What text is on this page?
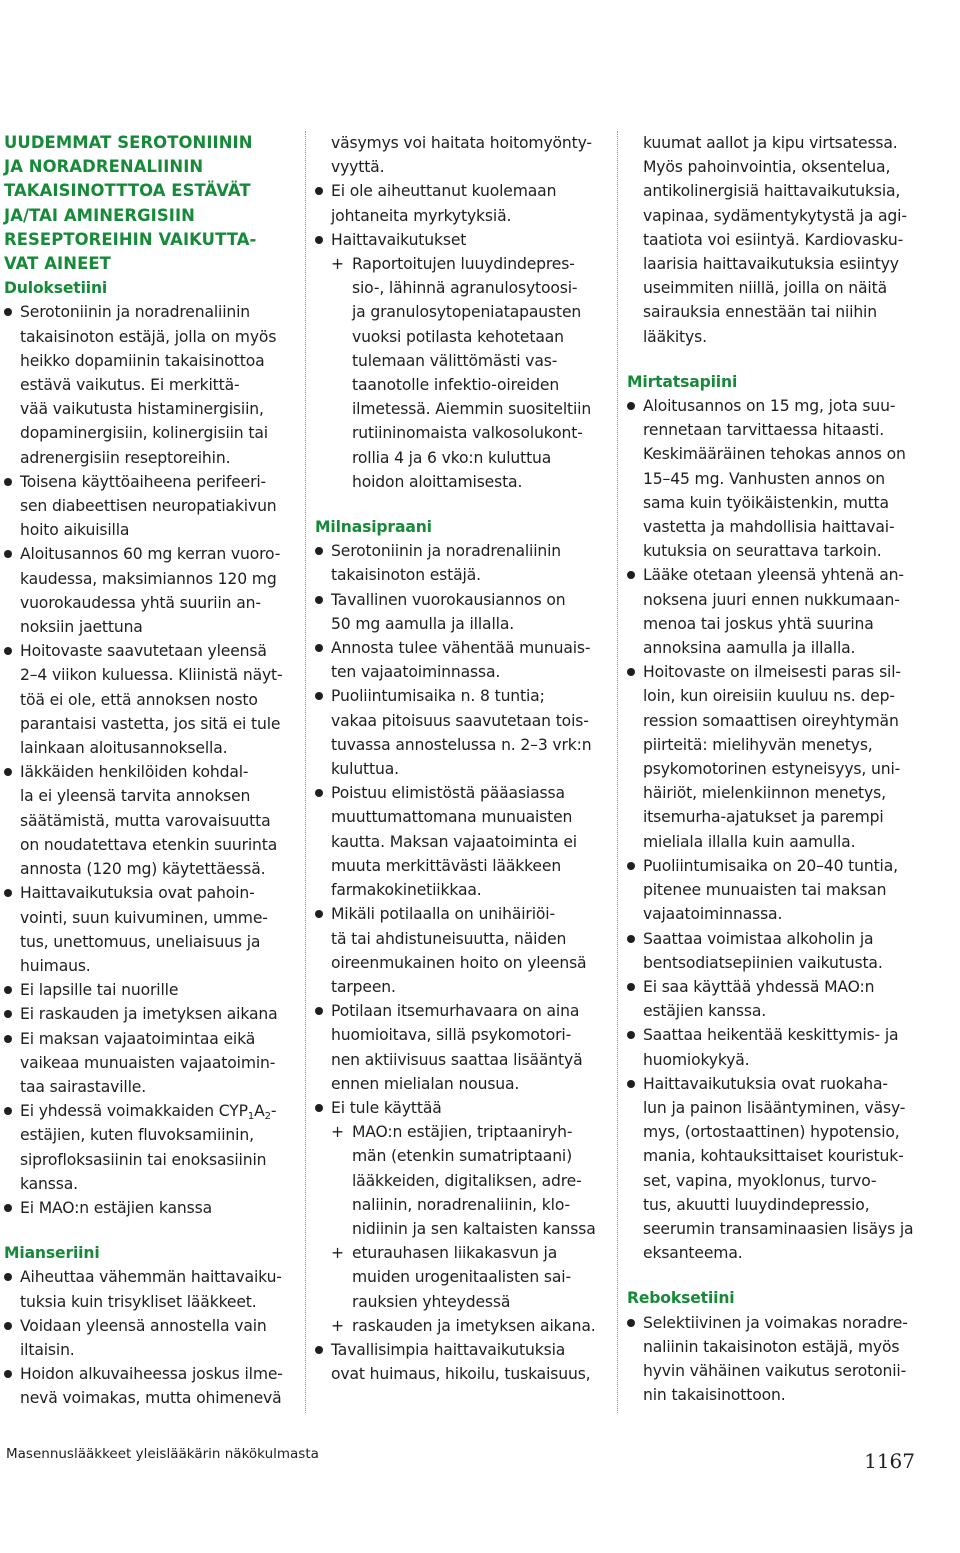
UUDEMMAT SEROTONIININ
JA NORADRENALIININ
TAKAISINOTTTOA ESTÄVÄT
JA/TAI AMINERGISIIN
RESEPTOREIHIN VAIKUTTA-
VAT AINEET

Duloksetiini

Serotoniinin ja noradrenaliinin
takaisinoton estäjä, jolla on myös
heikko dopamiinin takaisinottoa
estävä vaikutus. Ei merkittä-
vää vaikutusta histaminergisiin,
dopaminergisiin, kolinergisiin tai
adrenergisiin reseptoreihin.
Toisena käyttöaiheena perifeeri-
sen diabeettisen neuropatiakivun
hoito aikuisilla
Aloitusannos 60 mg kerran vuoro-
kaudessa, maksimiannos 120 mg
vuorokaudessa yhtä suuriin an-
noksiin jaettuna
Hoitovaste saavutetaan yleensä
2–4 viikon kuluessa. Kliinistä näyt-
töä ei ole, että annoksen nosto
parantaisi vastetta, jos sitä ei tule
lainkaan aloitusannoksella.
Iäkkäiden henkilöiden kohdal-
la ei yleensä tarvita annoksen
säätämistä, mutta varovaisuutta
on noudatettava etenkin suurinta
annosta (120 mg) käytettäessä.
Haittavaikutuksia ovat pahoin-
vointi, suun kuivuminen, umme-
tus, unettomuus, uneliaisuus ja
huimaus.
Ei lapsille tai nuorille
Ei raskauden ja imetyksen aikana
Ei maksan vajaatoimintaa eikä
vaikeaa munuaisten vajaatoimin-
taa sairastaville.
Ei yhdessä voimakkaiden $CYP_1A_2-$
estäjien, kuten fluvoksamiinin,
siprofloksasiinin tai enoksasiinin
kanssa.
Ei MAO:n estäjien kanssa

Mianseriini

Aiheuttaa vähemmän haittavaiku-
tuksia kuin trisykliset lääkkeet.
Voidaan yleensä annostella vain
iltaisin.
Hoidon alkuvaiheessa joskus ilme-
nevä voimakas, mutta ohimenevä
väsymys voi haitata hoitomyönty-
vyyttä.
Ei ole aiheuttanut kuolemaan
johtaneita myrkytyksiä.
Haittavaikutukset
+ Raportoitujen luuydindepres-
sio-, lähinnä agranulosytoosi-
ja granulosytopeniatapausten
vuoksi potilasta kehotetaan
tulemaan välittömästi vas-
taanotolle infektio-oireiden
ilmetessä. Aiemmin suositeltiin
rutiininomaista valkosolukont-
rollia 4 ja 6 vko:n kuluttua
hoidon aloittamisesta.

Milnasipraani

Serotoniinin ja noradrenaliinin
takaisinoton estäjä.
Tavallinen vuorokausiannos on
50 mg aamulla ja illalla.
Annosta tulee vähentää munuais-
ten vajaatoiminnassa.
Puoliintumisaika n. 8 tuntia;
vakaa pitoisuus saavutetaan tois-
tuvassa annostelussa n. 2–3 vrk:n
kuluttua.
Poistuu elimistöstä pääasiassa
muuttumattomana munuaisten
kautta. Maksan vajaatoiminta ei
muuta merkittävästi lääkkeen
farmakokinetiikkaa.
Mikäli potilaalla on unihäiriöi-
tä tai ahdistuneisuutta, näiden
oireenmukainen hoito on yleensä
tarpeen.
Potilaan itsemurhavaara on aina
huomioitava, sillä psykomotori-
nen aktiivisuus saattaa lisääntyä
ennen mielialan nousua.
Ei tule käyttää
+ MAO:n estäjien, triptaaniryh-
män (etenkin sumatriptaani)
lääkkeiden, digitaliksen, adre-
naliinin, noradrenaliinin, klo-
nidiinin ja sen kaltaisten kanssa
+ eturauhasen liikakasvun ja
muiden urogenitaalisten sai-
rauksien yhteydessä
+ raskauden ja imetyksen aikana.
Tavallisimpia haittavaikutuksia
ovat huimaus, hikoilu, tuskaisuus,
kuumat aallot ja kipu virtsatessa.
Myös pahoinvointia, oksentelua,
antikolinergisiä haittavaikutuksia,
vapinaa, sydämentykytystä ja agi-
taatiota voi esiintyä. Kardiovasku-
laarisia haittavaikutuksia esiintyy
useimmiten niillä, joilla on näitä
sairauksia ennestään tai niihin
lääkitys.

Mirtatsapiini

Aloitusannos on 15 mg, jota suu-
rennetaan tarvittaessa hitaasti.
Keskimääräinen tehokas annos on
15–45 mg. Vanhusten annos on
sama kuin työikäistenkin, mutta
vastetta ja mahdollisia haittavai-
kutuksia on seurattava tarkoin.
Lääke otetaan yleensä yhtenä an-
noksena juuri ennen nukkumaan-
menoa tai joskus yhtä suurina
annoksina aamulla ja illalla.
Hoitovaste on ilmeisesti paras sil-
loin, kun oireisiin kuuluu ns. dep-
ression somaattisen oireyhtymän
piirteitä: mielihyvän menetys,
psykomotorinen estyneisyys, uni-
häiriöt, mielenkiinnon menetys,
itsemurha-ajatukset ja parempi
mieliala illalla kuin aamulla.
Puoliintumisaika on 20–40 tuntia,
pitenee munuaisten tai maksan
vajaatoiminnassa.
Saattaa voimistaa alkoholin ja
bentsodiatsepiinien vaikutusta.
Ei saa käyttää yhdessä MAO:n
estäjien kanssa.
Saattaa heikentää keskittymis- ja
huomiokykyä.
Haittavaikutuksia ovat ruokaha-
lun ja painon lisääntyminen, väsy-
mys, (ortostaattinen) hypotensio,
mania, kohtauksittaiset kouristuk-
set, vapina, myoklonus, turvo-
tus, akuutti luuydindepressio,
seerumin transaminaasien lisäys ja
eksanteema.

Reboksetiini

Selektiivinen ja voimakas noradre-
naliinin takaisinoton estäjä, myös
hyvin vähäinen vaikutus serotonii-
nin takaisinottoon.
Masennuslääkkeet yleislääkärin näkökulmasta	1167
